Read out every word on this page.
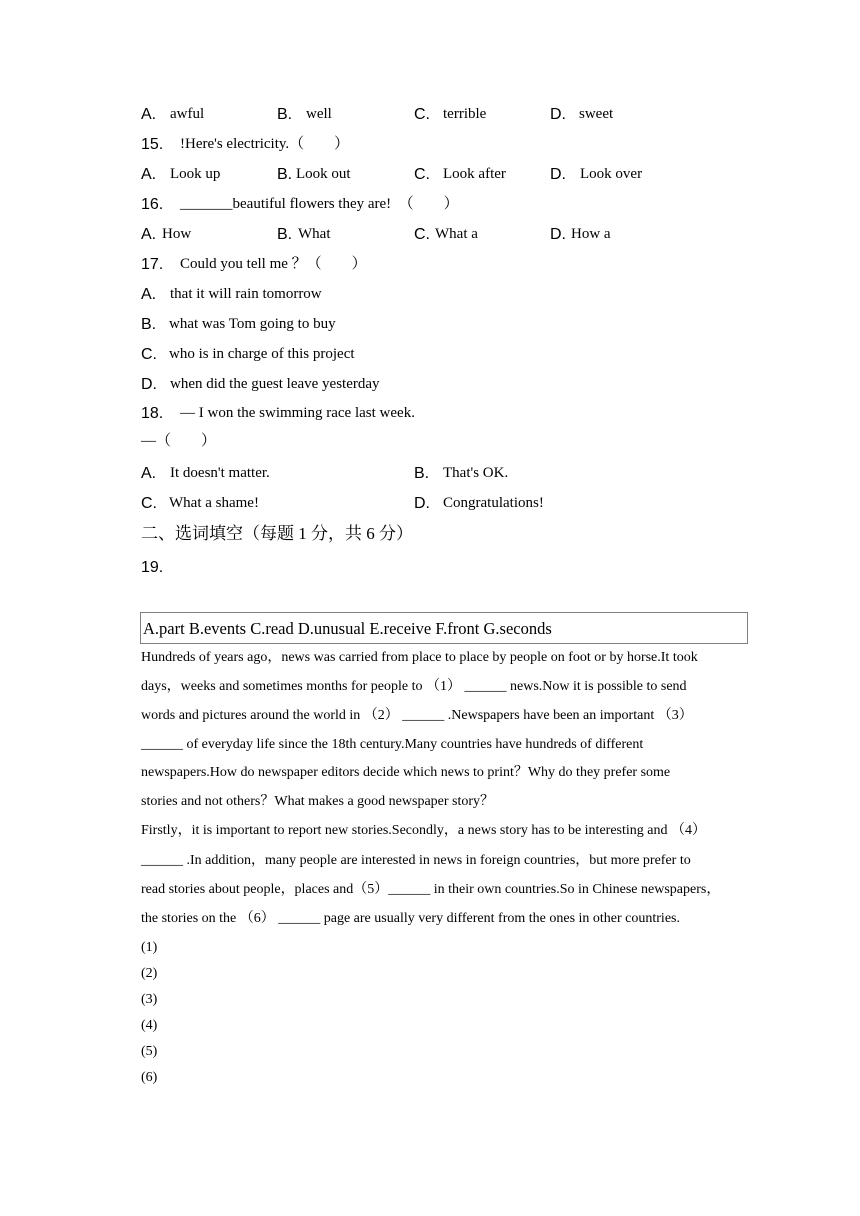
A. awful	B. well	C. terrible	D. sweet
15. !Here's electricity.（　　）
A. Look up	B. Look out	C. Look after	D. Look over
16. _______beautiful flowers they are!　（　　）
A. How	B. What	C. What a	D. How a
17. Could you tell me ？（　　）
A. that it will rain tomorrow
B. what was Tom going to buy
C. who is in charge of this project
D. when did the guest leave yesterday
18. — I won the swimming race last week.
—（　　）
A. It doesn't matter.	B. That's OK.
C. What a shame!	D. Congratulations!
二、选词填空（每题 1 分，共 6 分）
19.
A.part B.events C.read D.unusual E.receive F.front G.seconds
Hundreds of years ago，news was carried from place to place by people on foot or by horse.It took
days，weeks and sometimes months for people to （1） ______ news.Now it is possible to send
words and pictures around the world in （2） ______ .Newspapers have been an important （3）
______ of everyday life since the 18th century.Many countries have hundreds of different
newspapers.How do newspaper editors decide which news to print？Why do they prefer some
stories and not others？What makes a good newspaper story？
Firstly，it is important to report new stories.Secondly，a news story has to be interesting and （4）
______ .In addition，many people are interested in news in foreign countries，but more prefer to
read stories about people，places and（5）______ in their own countries.So in Chinese newspapers，
the stories on the （6） ______ page are usually very different from the ones in other countries.
(1)
(2)
(3)
(4)
(5)
(6)
